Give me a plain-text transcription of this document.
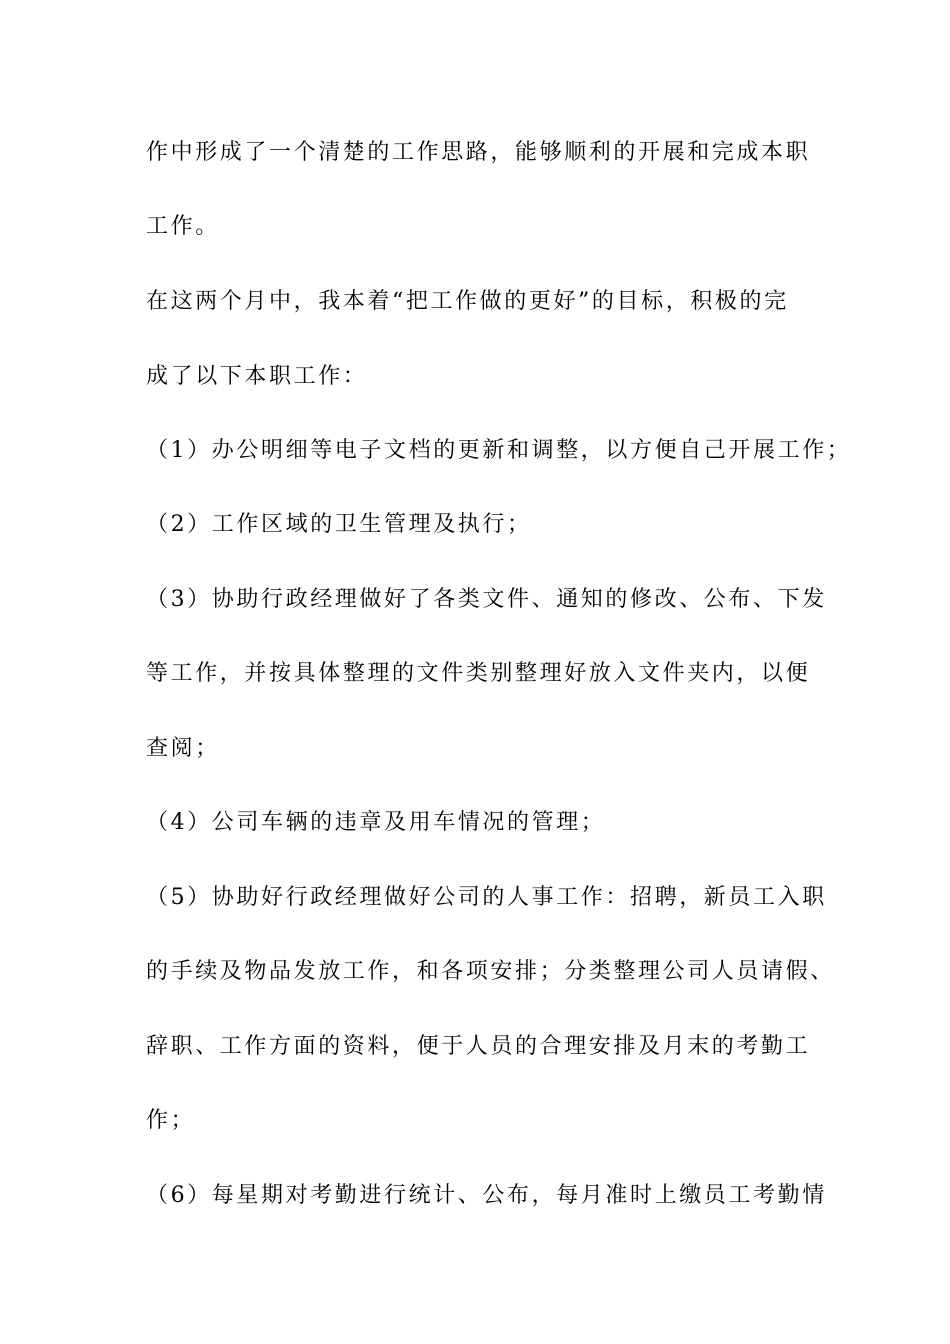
作中形成了一个清楚的工作思路，能够顺利的开展和完成本职
工作。
在这两个月中，我本着“把工作做的更好”的目标，积极的完
成了以下本职工作：
（1）办公明细等电子文档的更新和调整，以方便自己开展工作；
（2）工作区域的卫生管理及执行；
（3）协助行政经理做好了各类文件、通知的修改、公布、下发
等工作，并按具体整理的文件类别整理好放入文件夹内，以便
查阅；
（4）公司车辆的违章及用车情况的管理；
（5）协助好行政经理做好公司的人事工作：招聘，新员工入职
的手续及物品发放工作，和各项安排；分类整理公司人员请假、
辞职、工作方面的资料，便于人员的合理安排及月末的考勤工
作；
（6）每星期对考勤进行统计、公布，每月准时上缴员工考勤情
